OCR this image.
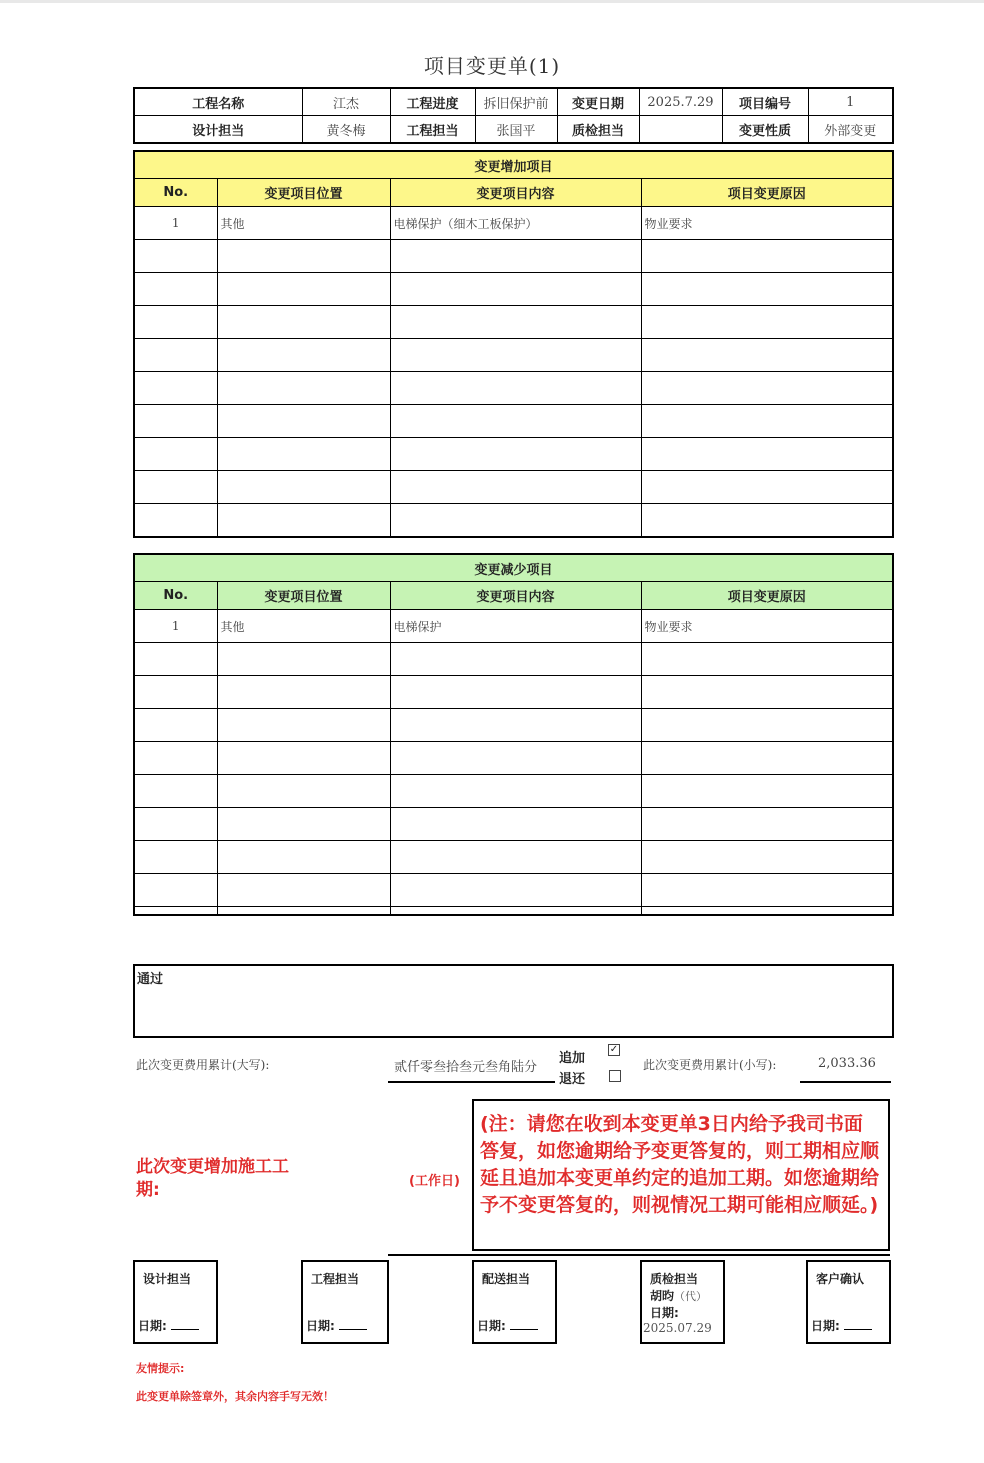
项目变更单(1)
工程名称	江杰	工程进度	拆旧保护前	变更日期	2025.7.29	项目编号	1
设计担当	黄冬梅	工程担当	张国平	质检担当		变更性质	外部变更
变更增加项目			
No.	变更项目位置	变更项目内容	项目变更原因
1	其他	电梯保护（细木工板保护）	物业要求

变更减少项目			
No.	变更项目位置	变更项目内容	项目变更原因
1	其他	电梯保护	物业要求

通过
此次变更费用累计(大写):	贰仟零叁拾叁元叁角陆分
追加
退还
✓
此次变更费用累计(小写):	2,033.36
此次变更增加施工工期:	(工作日)
(注：请您在收到本变更单3日内给予我司书面答复，如您逾期给予变更答复的，则工期相应顺延且追加本变更单约定的追加工期。如您逾期给予不变更答复的，则视情况工期可能相应顺延。)
设计担当
日期:
工程担当
日期:
配送担当
日期:
质检担当
胡昀（代）
日期:
2025.07.29
客户确认
日期:
友情提示:
此变更单除签章外，其余内容手写无效！
